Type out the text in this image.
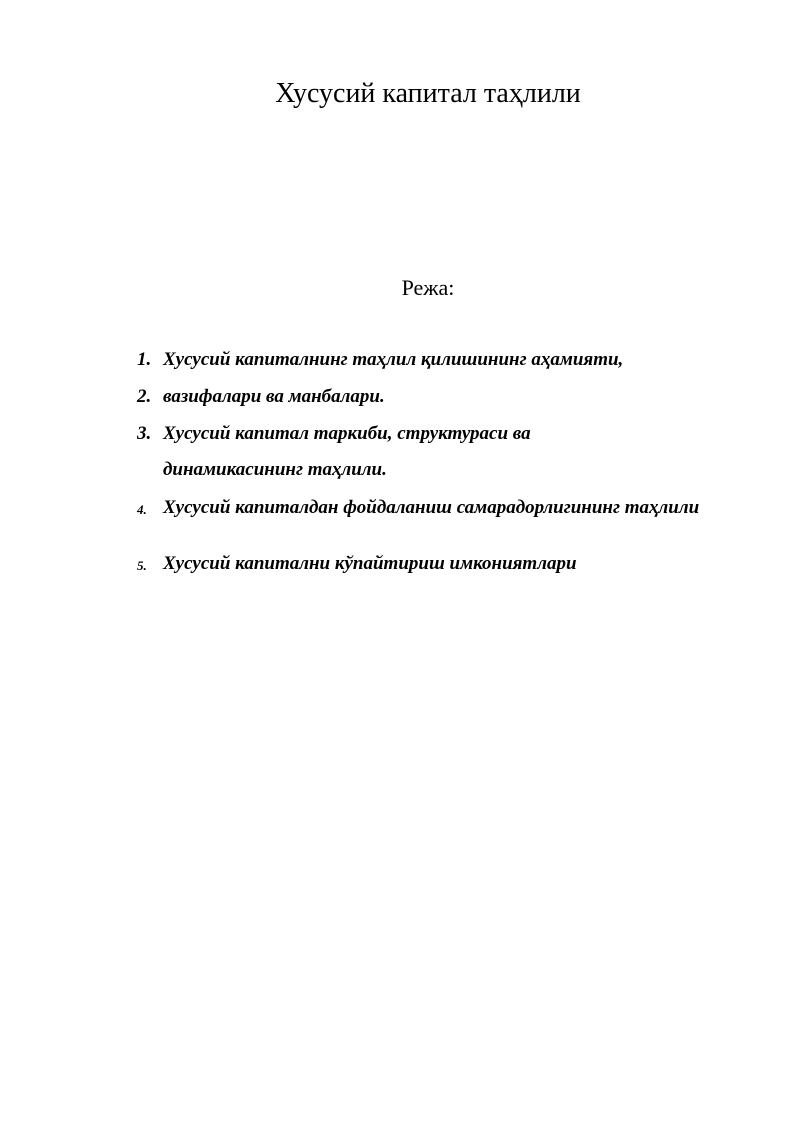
Хусусий капитал таҳлили
Режа:
1. Хусусий капиталнинг таҳлил қилишининг аҳамияти,
2. вазифалари ва манбалари.
3. Хусусий капитал таркиби, структураси ва динамикасининг таҳлили.
4. Хусусий капиталдан фойдаланиш самарадорлигининг таҳлили
5. Хусусий капитални кўпайтириш имкониятлари
